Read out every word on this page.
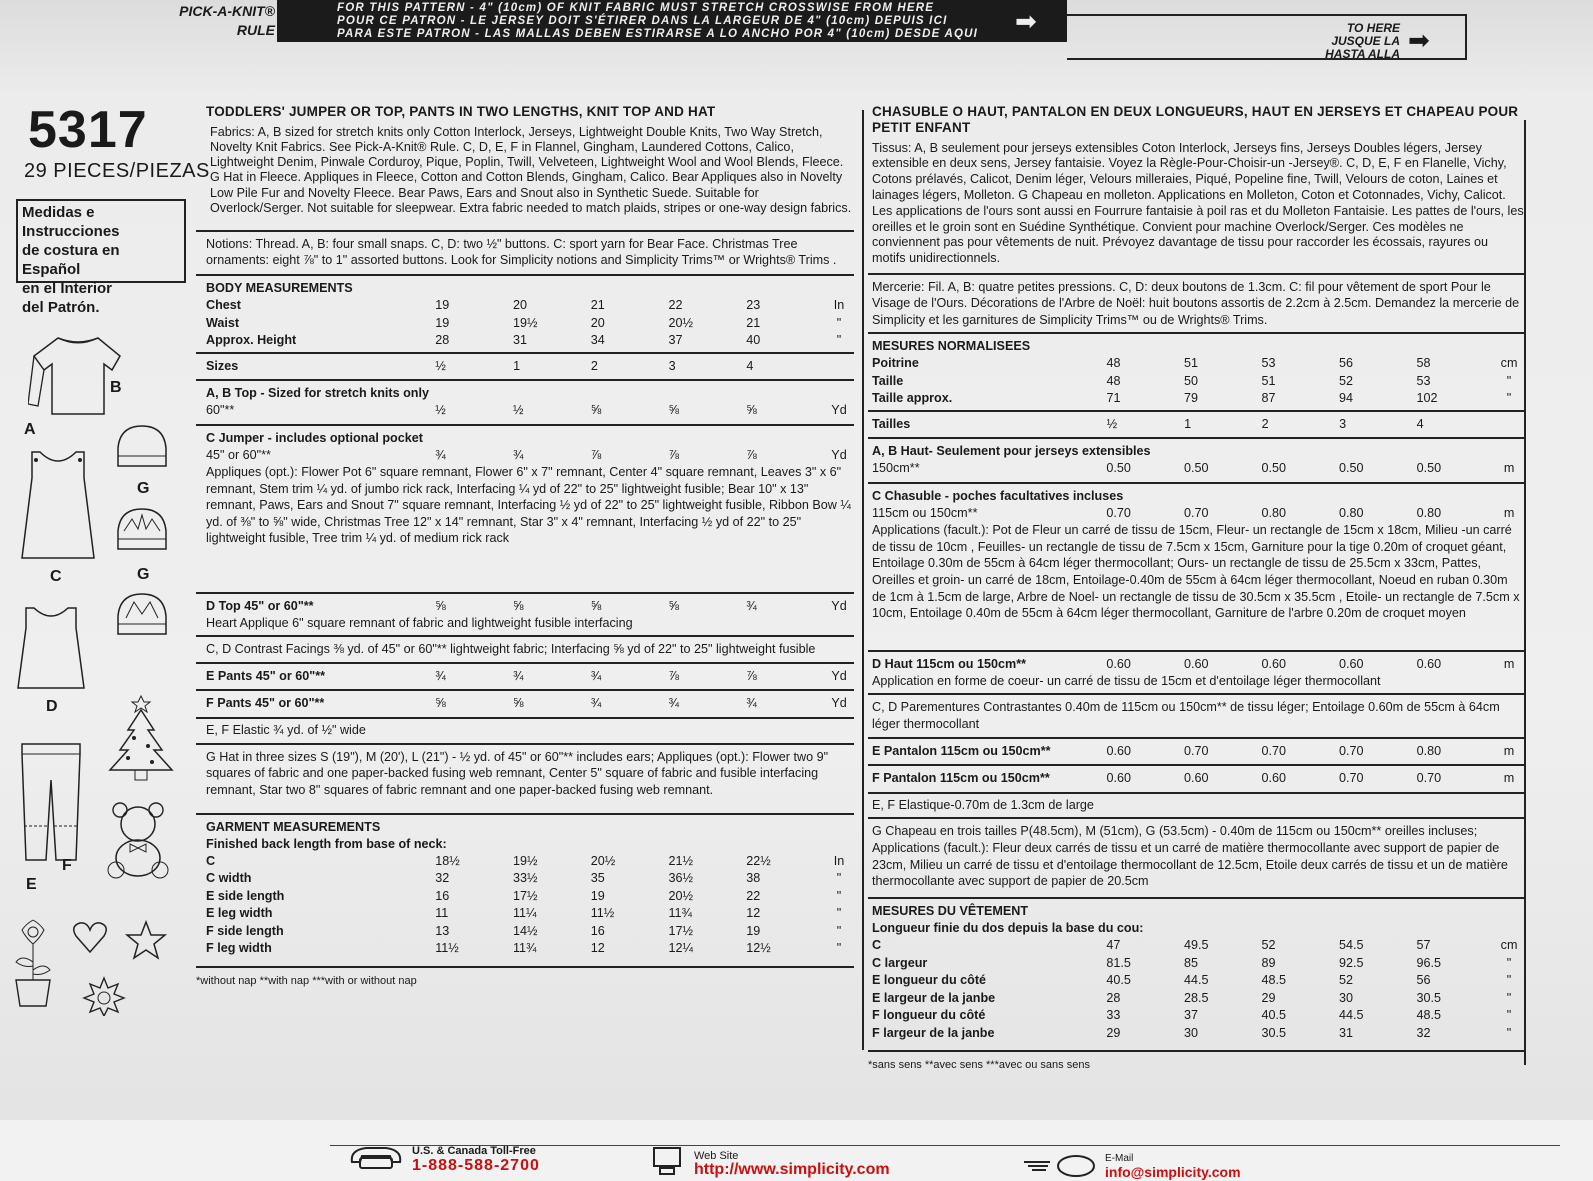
PICK-A-KNIT®
RULE
FOR THIS PATTERN - 4" (10cm) OF KNIT FABRIC MUST STRETCH CROSSWISE FROM HERE
POUR CE PATRON - LE JERSEY DOIT S'ÉTIRER DANS LA LARGEUR DE 4" (10cm) DEPUIS ICI
PARA ESTE PATRON - LAS MALLAS DEBEN ESTIRARSE A LO ANCHO POR 4" (10cm) DESDE AQUI	➡	TO HERE
JUSQUE LA
HASTA ALLA ➡
5317
29 PIECES/PIEZAS
Medidas e Instrucciones
de costura en Español
en el Interior
del Patrón.
B
A
G
C	G
D
F
E
TODDLERS' JUMPER OR TOP, PANTS IN TWO LENGTHS, KNIT TOP AND HAT
Fabrics: A, B sized for stretch knits only Cotton Interlock, Jerseys, Lightweight Double Knits, Two Way Stretch, Novelty Knit Fabrics. See Pick-A-Knit® Rule. C, D, E, F in Flannel, Gingham, Laundered Cottons, Calico, Lightweight Denim, Pinwale Corduroy, Pique, Poplin, Twill, Velveteen, Lightweight Wool and Wool Blends, Fleece. G Hat in Fleece. Appliques in Fleece, Cotton and Cotton Blends, Gingham, Calico. Bear Appliques also in Novelty Low Pile Fur and Novelty Fleece. Bear Paws, Ears and Snout also in Synthetic Suede. Suitable for Overlock/Serger. Not suitable for sleepwear. Extra fabric needed to match plaids, stripes or one-way design fabrics.
Notions: Thread. A, B: four small snaps. C, D: two ½" buttons. C: sport yarn for Bear Face. Christmas Tree ornaments: eight ⅞" to 1" assorted buttons. Look for Simplicity notions and Simplicity Trims™ or Wrights® Trims .
BODY MEASUREMENTS
Chest	19	20	21	22	23	In
Waist	19	19½	20	20½	21	"
Approx. Height	28	31	34	37	40	"
Sizes	½	1	2	3	4	
A, B Top - Sized for stretch knits only
60"**	½	½	⅝	⅝	⅝	Yd
C Jumper - includes optional pocket
45" or 60"**	¾	¾	⅞	⅞	⅞	Yd
Appliques (opt.): Flower Pot 6" square remnant, Flower 6" x 7" remnant, Center 4" square remnant, Leaves 3" x 6" remnant, Stem trim ¼ yd. of jumbo rick rack, Interfacing ¼ yd of 22" to 25" lightweight fusible; Bear 10" x 13" remnant, Paws, Ears and Snout 7" square remnant, Interfacing ½ yd of 22" to 25" lightweight fusible, Ribbon Bow ¼ yd. of ⅜" to ⅝" wide, Christmas Tree 12" x 14" remnant, Star 3" x 4" remnant, Interfacing ½ yd of 22" to 25" lightweight fusible, Tree trim ¼ yd. of medium rick rack
D Top 45" or 60"**	⅝	⅝	⅝	⅝	¾	Yd
Heart Applique 6" square remnant of fabric and lightweight fusible interfacing
C, D Contrast Facings ⅜ yd. of 45" or 60"** lightweight fabric; Interfacing ⅝ yd of 22" to 25" lightweight fusible
E Pants 45" or 60"**	¾	¾	¾	⅞	⅞	Yd
F Pants 45" or 60"**	⅝	⅝	¾	¾	¾	Yd
E, F Elastic ¾ yd. of ½" wide
G Hat in three sizes S (19"), M (20'), L (21") - ½ yd. of 45" or 60"** includes ears; Appliques (opt.): Flower two 9" squares of fabric and one paper-backed fusing web remnant, Center 5" square of fabric and fusible interfacing remnant, Star two 8" squares of fabric remnant and one paper-backed fusing web remnant.
GARMENT MEASUREMENTS
Finished back length from base of neck:
C	18½	19½	20½	21½	22½	In
C width	32	33½	35	36½	38	"
E side length	16	17½	19	20½	22	"
E leg width	11	11¼	11½	11¾	12	"
F side length	13	14½	16	17½	19	"
F leg width	11½	11¾	12	12¼	12½	"
*without nap **with nap ***with or without nap
CHASUBLE O HAUT, PANTALON EN DEUX LONGUEURS, HAUT EN JERSEYS ET CHAPEAU POUR PETIT ENFANT
Tissus: A, B seulement pour jerseys extensibles Coton Interlock, Jerseys fins, Jerseys Doubles légers, Jersey extensible en deux sens, Jersey fantaisie. Voyez la Règle-Pour-Choisir-un -Jersey®. C, D, E, F en Flanelle, Vichy, Cotons prélavés, Calicot, Denim léger, Velours milleraies, Piqué, Popeline fine, Twill, Velours de coton, Laines et lainages légers, Molleton. G Chapeau en molleton. Applications en Molleton, Coton et Cotonnades, Vichy, Calicot. Les applications de l'ours sont aussi en Fourrure fantaisie à poil ras et du Molleton Fantaisie. Les pattes de l'ours, les oreilles et le groin sont en Suédine Synthétique. Convient pour machine Overlock/Serger. Ces modèles ne conviennent pas pour vêtements de nuit. Prévoyez davantage de tissu pour raccorder les écossais, rayures ou motifs unidirectionnels.
Mercerie: Fil. A, B: quatre petites pressions. C, D: deux boutons de 1.3cm. C: fil pour vêtement de sport Pour le Visage de l'Ours. Décorations de l'Arbre de Noël: huit boutons assortis de 2.2cm à 2.5cm. Demandez la mercerie de Simplicity et les garnitures de Simplicity Trims™ ou de Wrights® Trims.
MESURES NORMALISEES
Poitrine	48	51	53	56	58	cm
Taille	48	50	51	52	53	"
Taille approx.	71	79	87	94	102	"
Tailles	½	1	2	3	4	
A, B Haut- Seulement pour jerseys extensibles
150cm**	0.50	0.50	0.50	0.50	0.50	m
C Chasuble - poches facultatives incluses
115cm ou 150cm**	0.70	0.70	0.80	0.80	0.80	m
Applications (facult.): Pot de Fleur un carré de tissu de 15cm, Fleur- un rectangle de 15cm x 18cm, Milieu -un carré de tissu de 10cm , Feuilles- un rectangle de tissu de 7.5cm x 15cm, Garniture pour la tige 0.20m of croquet géant, Entoilage 0.30m de 55cm à 64cm léger thermocollant; Ours- un rectangle de tissu de 25.5cm x 33cm, Pattes, Oreilles et groin- un carré de 18cm, Entoilage-0.40m de 55cm à 64cm léger thermocollant, Noeud en ruban 0.30m de 1cm à 1.5cm de large, Arbre de Noel- un rectangle de tissu de 30.5cm x 35.5cm , Etoile- un rectangle de 7.5cm x 10cm, Entoilage 0.40m de 55cm à 64cm léger thermocollant, Garniture de l'arbre 0.20m de croquet moyen
D Haut 115cm ou 150cm**	0.60	0.60	0.60	0.60	0.60	m
Application en forme de coeur- un carré de tissu de 15cm et d'entoilage léger thermocollant
C, D Parementures Contrastantes 0.40m de 115cm ou 150cm** de tissu léger; Entoilage 0.60m de 55cm à 64cm léger thermocollant
E Pantalon 115cm ou 150cm**	0.60	0.70	0.70	0.70	0.80	m
F Pantalon 115cm ou 150cm**	0.60	0.60	0.60	0.70	0.70	m
E, F Elastique-0.70m de 1.3cm de large
G Chapeau en trois tailles P(48.5cm), M (51cm), G (53.5cm) - 0.40m de 115cm ou 150cm** oreilles incluses; Applications (facult.): Fleur deux carrés de tissu et un carré de matière thermocollante avec support de papier de 23cm, Milieu un carré de tissu et d'entoilage thermocollant de 12.5cm, Etoile deux carrés de tissu et un de matière thermocollante avec support de papier de 20.5cm
MESURES DU VÊTEMENT
Longueur finie du dos depuis la base du cou:
C	47	49.5	52	54.5	57	cm
C largeur	81.5	85	89	92.5	96.5	"
E longueur du côté	40.5	44.5	48.5	52	56	"
E largeur de la janbe	28	28.5	29	30	30.5	"
F longueur du côté	33	37	40.5	44.5	48.5	"
F largeur de la janbe	29	30	30.5	31	32	"
*sans sens **avec sens ***avec ou sans sens
U.S. & Canada Toll-Free
1-888-588-2700
Web Site
http://www.simplicity.com
E-Mail
info@simplicity.com
